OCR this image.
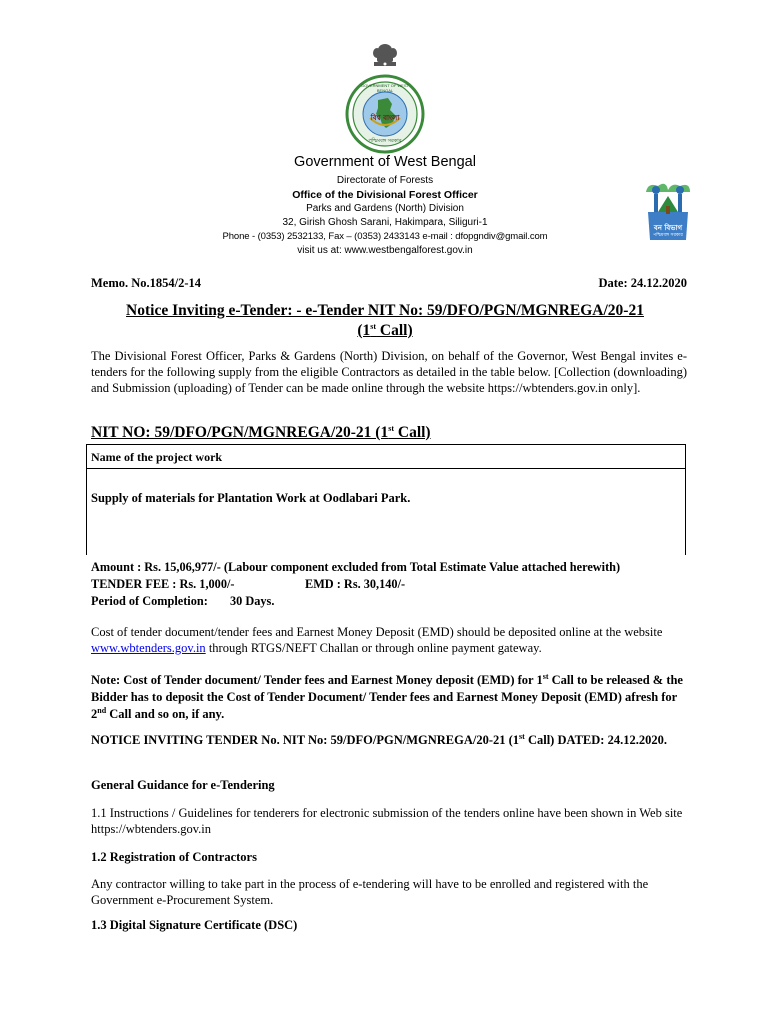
GOVERNMENT OF WEST BENGAL
বিশ্ব বাংলা
পশ্চিমবঙ্গ সরকার
Government of West Bengal
Directorate of Forests
Office of the Divisional Forest Officer
Parks and Gardens (North) Division
32, Girish Ghosh Sarani, Hakimpara, Siliguri-1
Phone - (0353) 2532133, Fax – (0353) 2433143 e-mail : dfopgndiv@gmail.com
visit us at: www.westbengalforest.gov.in
বন বিভাগ
পশ্চিমবঙ্গ সরকার
Memo. No.1854/2-14	Date: 24.12.2020
Notice Inviting e-Tender: - e-Tender NIT No: 59/DFO/PGN/MGNREGA/20-21
(1st Call)
The Divisional Forest Officer, Parks & Gardens (North) Division, on behalf of the Governor, West Bengal invites e-tenders for the following supply from the eligible Contractors as detailed in the table below. [Collection (downloading) and Submission (uploading) of Tender can be made online through the website https://wbtenders.gov.in only].
NIT NO: 59/DFO/PGN/MGNREGA/20-21 (1st Call)
Name of the project work
Supply of materials for Plantation Work at Oodlabari Park.
Amount : Rs. 15,06,977/- (Labour component excluded from Total Estimate Value attached herewith)
TENDER FEE : Rs. 1,000/-	EMD : Rs. 30,140/-
Period of Completion: 30 Days.
Cost of tender document/tender fees and Earnest Money Deposit (EMD) should be deposited online at the website www.wbtenders.gov.in through RTGS/NEFT Challan or through online payment gateway.
Note: Cost of Tender document/ Tender fees and Earnest Money deposit (EMD) for 1st Call to be released & the Bidder has to deposit the Cost of Tender Document/ Tender fees and Earnest Money Deposit (EMD) afresh for 2nd Call and so on, if any.
NOTICE INVITING TENDER No. NIT No: 59/DFO/PGN/MGNREGA/20-21 (1st Call) DATED: 24.12.2020.
General Guidance for e-Tendering
1.1 Instructions / Guidelines for tenderers for electronic submission of the tenders online have been shown in Web site https://wbtenders.gov.in
1.2 Registration of Contractors
Any contractor willing to take part in the process of e-tendering will have to be enrolled and registered with the Government e-Procurement System.
1.3 Digital Signature Certificate (DSC)
